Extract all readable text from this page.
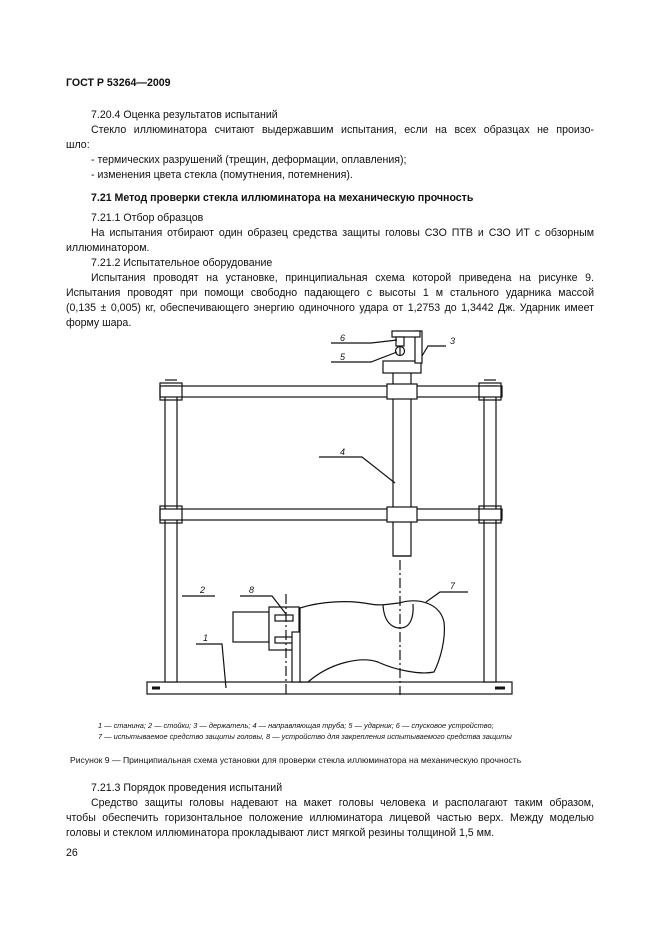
ГОСТ Р 53264—2009
7.20.4 Оценка результатов испытаний
Стекло иллюминатора считают выдержавшим испытания, если на всех образцах не произо-
шло:
- термических разрушений (трещин, деформации, оплавления);
- изменения цвета стекла (помутнения, потемнения).
7.21 Метод проверки стекла иллюминатора на механическую прочность
7.21.1 Отбор образцов
На испытания отбирают один образец средства защиты головы СЗО ПТВ и СЗО ИТ с обзорным
иллюминатором.
7.21.2 Испытательное оборудование
Испытания проводят на установке, принципиальная схема которой приведена на рисунке 9.
Испытания проводят при помощи свободно падающего с высоты 1 м стального ударника массой
(0,135 ± 0,005) кг, обеспечивающего энергию одиночного удара от 1,2753 до 1,3442 Дж. Ударник имеет
форму шара.
6
5
3
4
2
1
8	7
1 — станина; 2 — стойки; 3 — держатель; 4 — направляющая труба; 5 — ударник; 6 — спусковое устройство;
7 — испытываемое средство защиты головы, 8 — устройство для закрепления испытываемого средства защиты
Рисунок 9 — Принципиальная схема установки для проверки стекла иллюминатора на механическую прочность
7.21.3 Порядок проведения испытаний
Средство защиты головы надевают на макет головы человека и располагают таким образом,
чтобы обеспечить горизонтальное положение иллюминатора лицевой частью верх. Между моделью
головы и стеклом иллюминатора прокладывают лист мягкой резины толщиной 1,5 мм.
26
